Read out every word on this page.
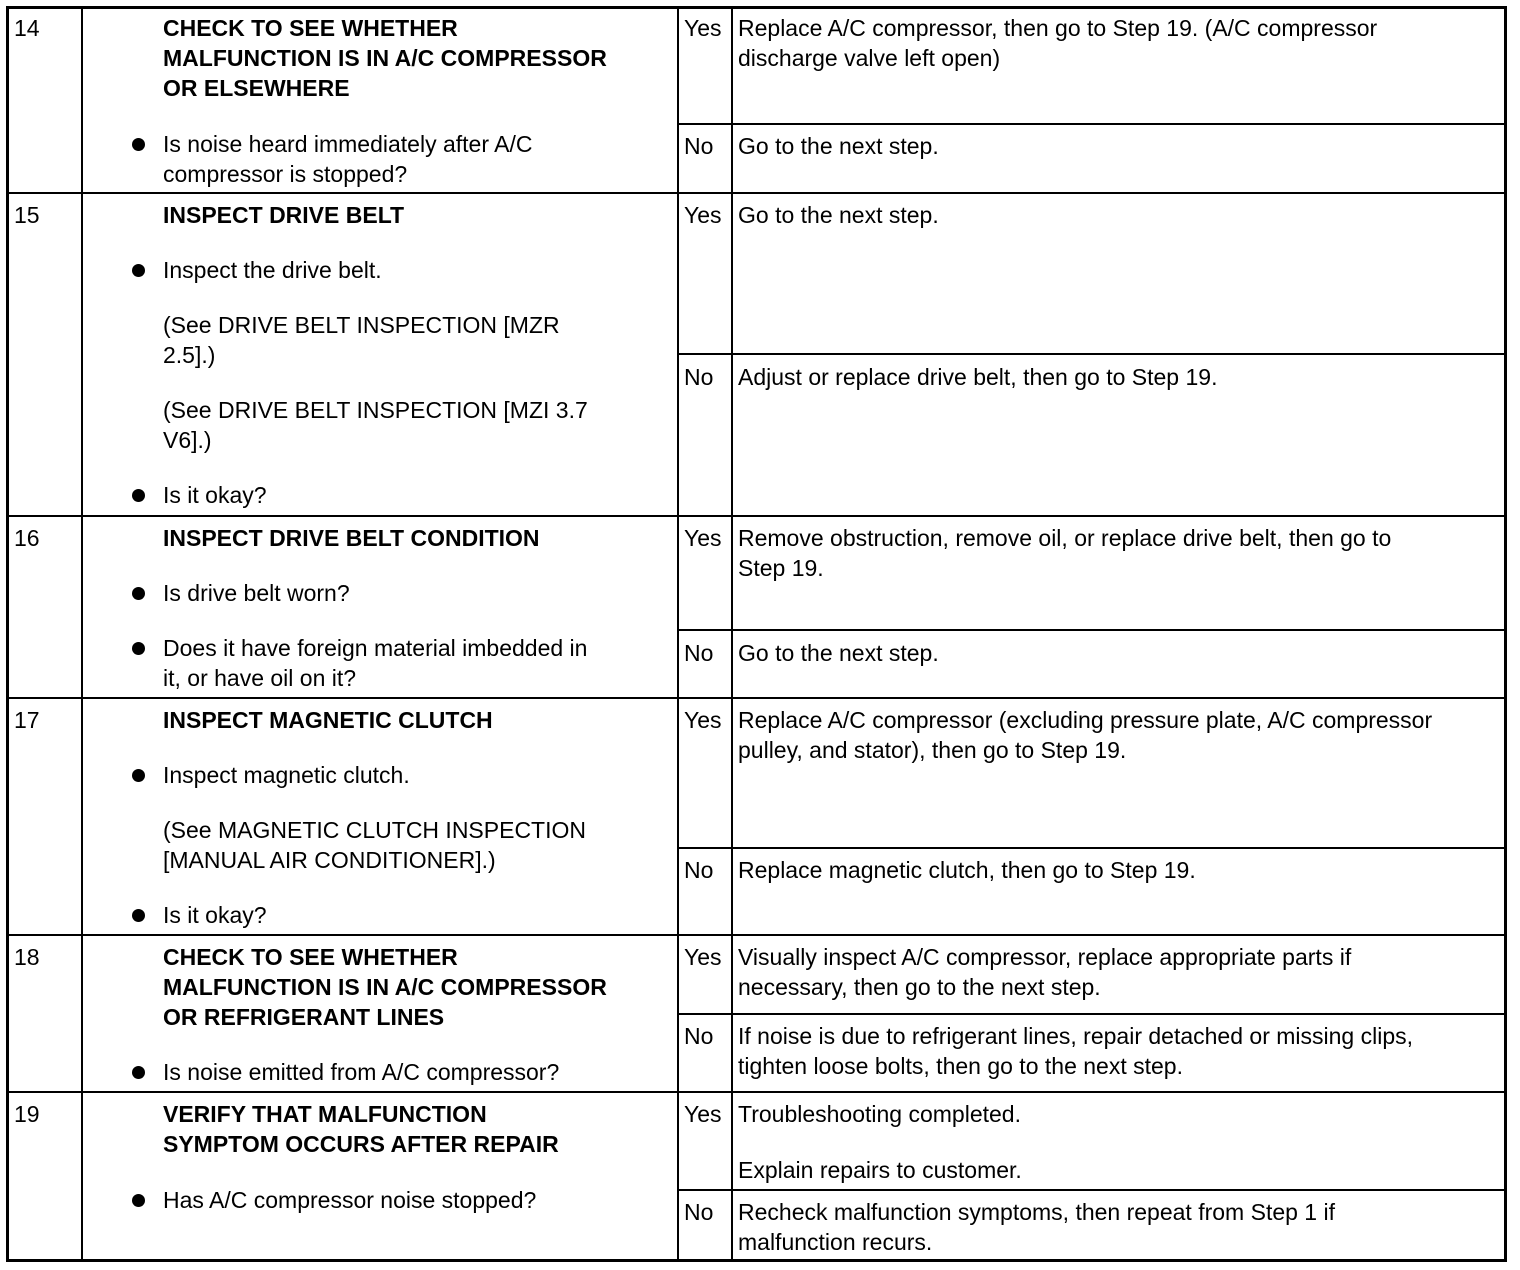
14	CHECK TO SEE WHETHER
MALFUNCTION IS IN A/C COMPRESSOR
OR ELSEWHERE
Is noise heard immediately after A/C
compressor is stopped?
Yes Replace A/C compressor, then go to Step 19. (A/C compressor
discharge valve left open)
No Go to the next step.
15	INSPECT DRIVE BELT
Inspect the drive belt.
(See DRIVE BELT INSPECTION [MZR
2.5].)
(See DRIVE BELT INSPECTION [MZI 3.7
V6].)
Is it okay?
Yes Go to the next step.
No Adjust or replace drive belt, then go to Step 19.
16	INSPECT DRIVE BELT CONDITION
Is drive belt worn?
Does it have foreign material imbedded in
it, or have oil on it?
Yes Remove obstruction, remove oil, or replace drive belt, then go to
Step 19.
No Go to the next step.
17	INSPECT MAGNETIC CLUTCH
Inspect magnetic clutch.
(See MAGNETIC CLUTCH INSPECTION
[MANUAL AIR CONDITIONER].)
Is it okay?
Yes Replace A/C compressor (excluding pressure plate, A/C compressor
pulley, and stator), then go to Step 19.
No Replace magnetic clutch, then go to Step 19.
18	CHECK TO SEE WHETHER
MALFUNCTION IS IN A/C COMPRESSOR
OR REFRIGERANT LINES
Is noise emitted from A/C compressor?
Yes Visually inspect A/C compressor, replace appropriate parts if
necessary, then go to the next step.
No If noise is due to refrigerant lines, repair detached or missing clips,
tighten loose bolts, then go to the next step.
19	VERIFY THAT MALFUNCTION
SYMPTOM OCCURS AFTER REPAIR
Has A/C compressor noise stopped?
Yes Troubleshooting completed.
Explain repairs to customer.
No Recheck malfunction symptoms, then repeat from Step 1 if
malfunction recurs.
